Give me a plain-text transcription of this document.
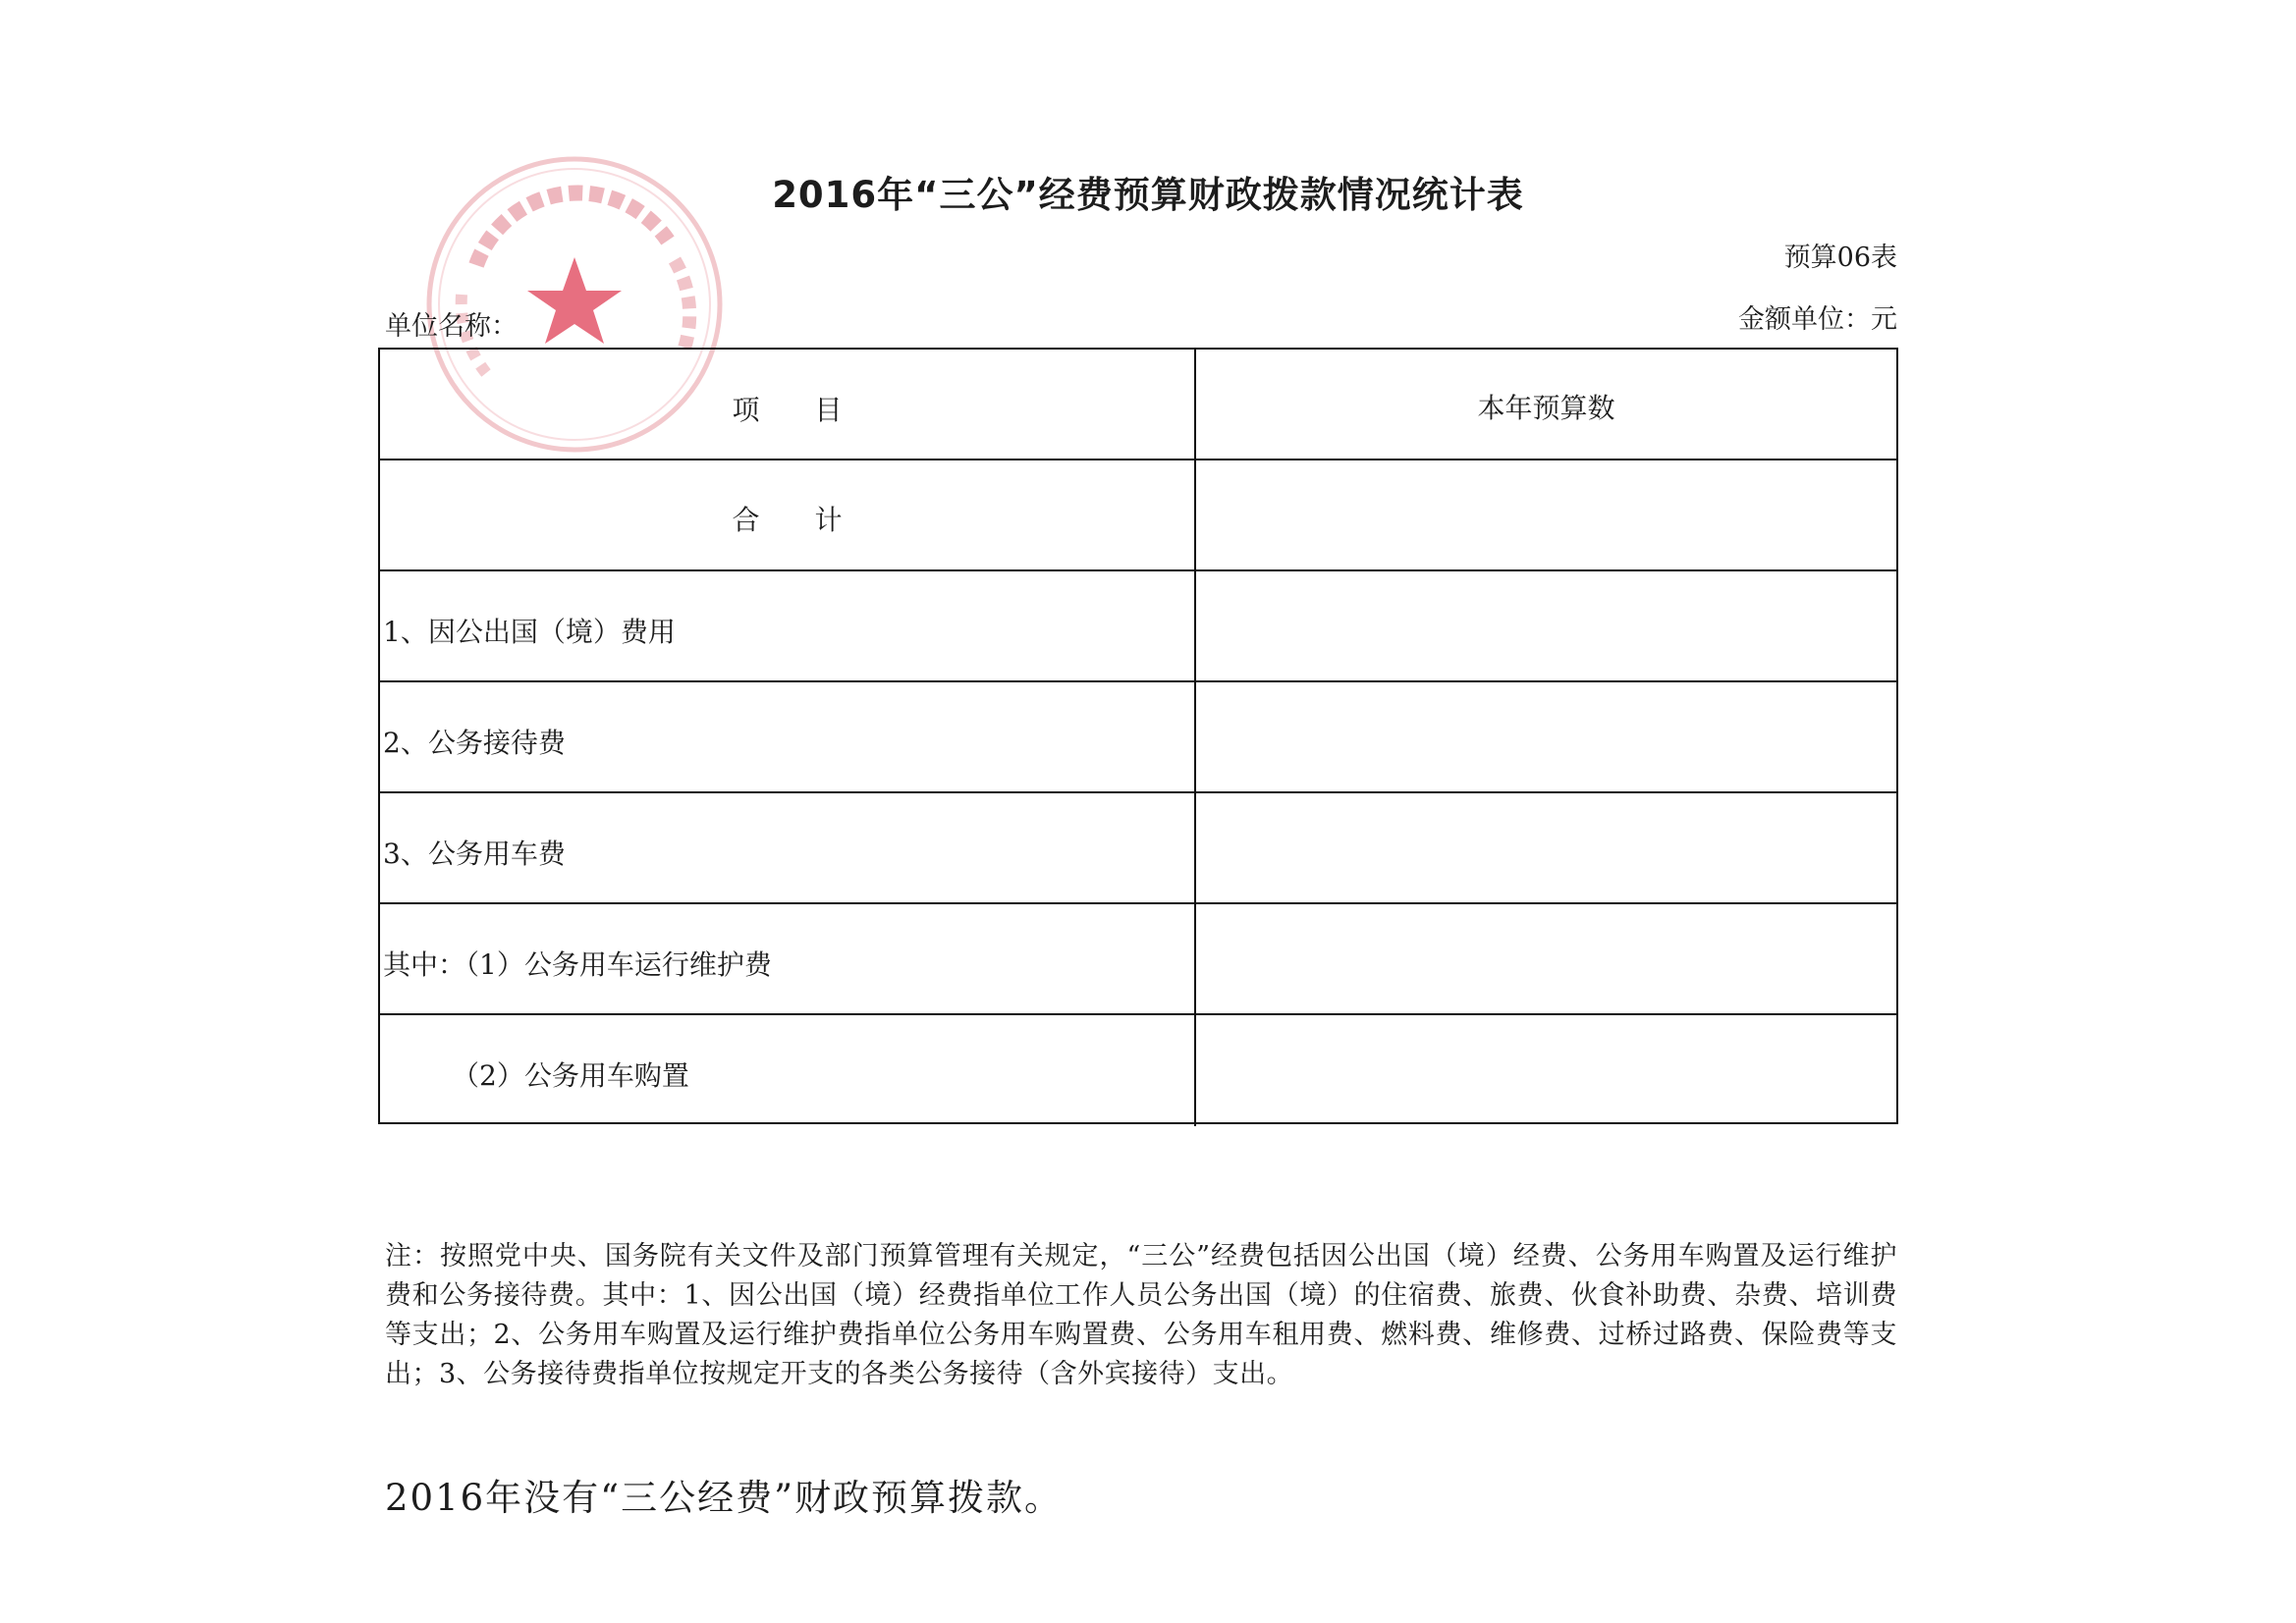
2016年“三公”经费预算财政拨款情况统计表
预算06表
单位名称：	金额单位：元
项　　目	本年预算数
合　　计
1、因公出国（境）费用
2、公务接待费
3、公务用车费
其中：（1）公务用车运行维护费
　　　（2）公务用车购置
注：按照党中央、国务院有关文件及部门预算管理有关规定，“三公”经费包括因公出国（境）经费、公务用车购置及运行维护费和公务接待费。其中：1、因公出国（境）经费指单位工作人员公务出国（境）的住宿费、旅费、伙食补助费、杂费、培训费等支出；2、公务用车购置及运行维护费指单位公务用车购置费、公务用车租用费、燃料费、维修费、过桥过路费、保险费等支出；3、公务接待费指单位按规定开支的各类公务接待（含外宾接待）支出。
2016年没有“三公经费”财政预算拨款。
